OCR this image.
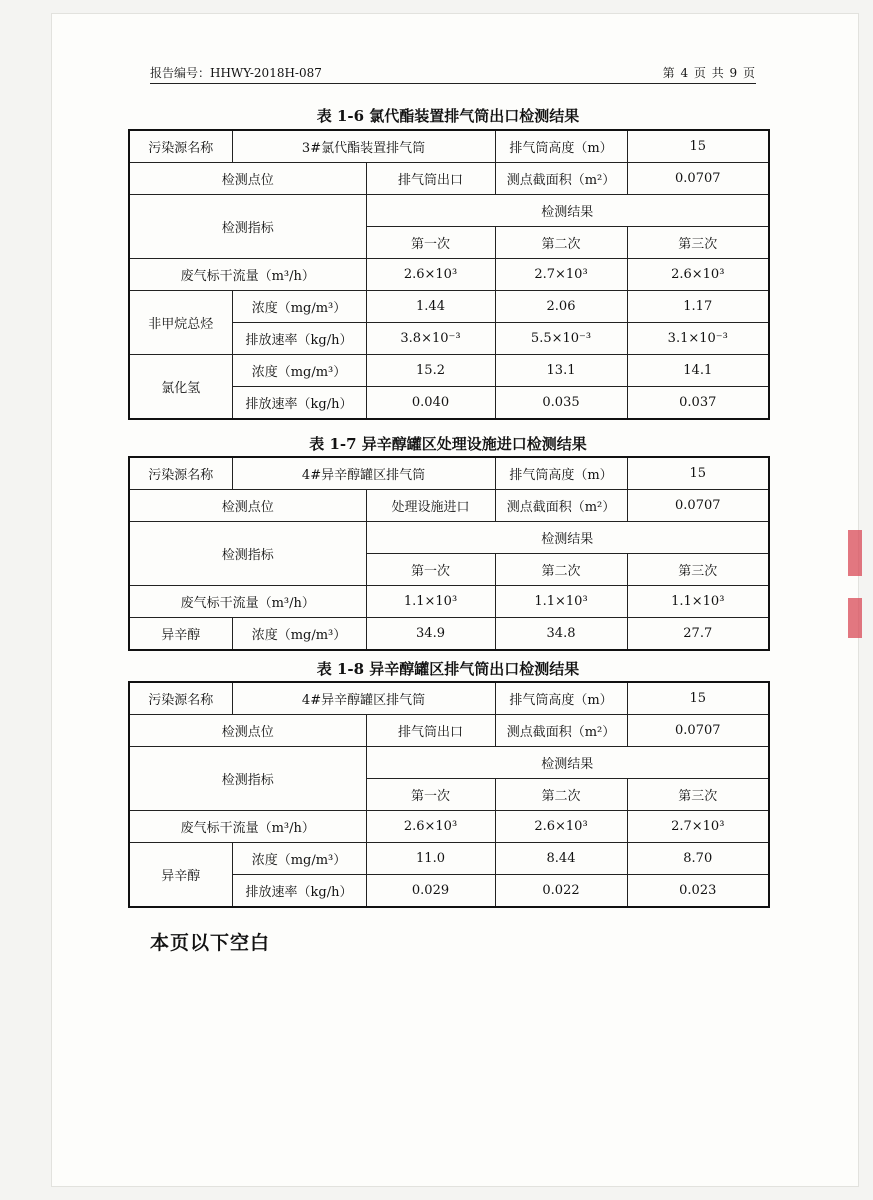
报告编号：HHWY-2018H-087	第 4 页 共 9 页
表 1-6 氯代酯装置排气筒出口检测结果
污染源名称	3#氯代酯装置排气筒		排气筒高度（m）	15
检测点位		排气筒出口	测点截面积（m²）	0.0707
检测指标		检测结果		
		第一次	第二次	第三次
废气标干流量（m³/h）		2.6×10³	2.7×10³	2.6×10³
非甲烷总烃	浓度（mg/m³）	1.44	2.06	1.17
	排放速率（kg/h）	3.8×10⁻³	5.5×10⁻³	3.1×10⁻³
氯化氢	浓度（mg/m³）	15.2	13.1	14.1
	排放速率（kg/h）	0.040	0.035	0.037
表 1-7 异辛醇罐区处理设施进口检测结果
污染源名称	4#异辛醇罐区排气筒		排气筒高度（m）	15
检测点位		处理设施进口	测点截面积（m²）	0.0707
检测指标		检测结果		
		第一次	第二次	第三次
废气标干流量（m³/h）		1.1×10³	1.1×10³	1.1×10³
异辛醇	浓度（mg/m³）	34.9	34.8	27.7
表 1-8 异辛醇罐区排气筒出口检测结果
污染源名称	4#异辛醇罐区排气筒		排气筒高度（m）	15
检测点位		排气筒出口	测点截面积（m²）	0.0707
检测指标		检测结果		
		第一次	第二次	第三次
废气标干流量（m³/h）		2.6×10³	2.6×10³	2.7×10³
异辛醇	浓度（mg/m³）	11.0	8.44	8.70
	排放速率（kg/h）	0.029	0.022	0.023
本页以下空白
